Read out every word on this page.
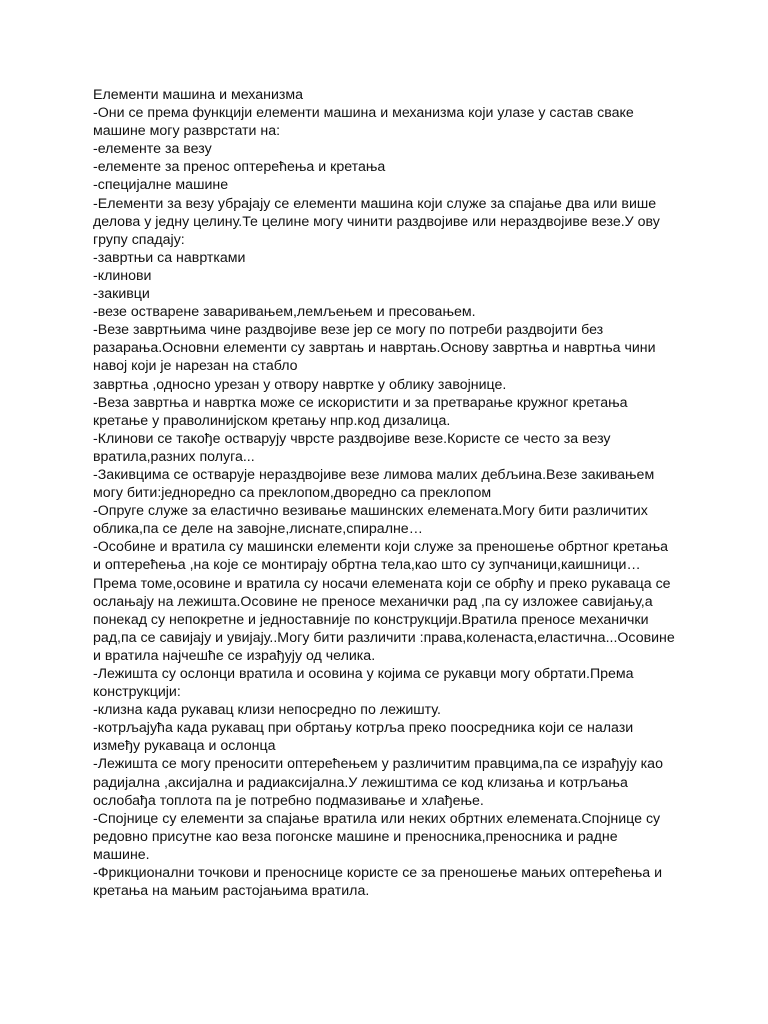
Елементи машина и механизма
-Они се према функцији елементи машина и механизма који улазе у састав сваке
машине могу разврстати на:
-елементе за везу
-елементе за пренос оптерећења и кретања
-специјалне машине
-Елементи за везу убрајају се елементи машина који служе за спајање два или више
делова у једну целину.Те целине могу чинити раздвојиве или нераздвојиве везе.У ову
групу спадају:
-завртњи са навртками
-клинови
-закивци
-везе остварене заваривањем,лемљењем и пресовањем.
-Везе завртњима чине раздвојиве везе јер се могу по потреби раздвојити без
разарања.Основни елементи су завртањ и навртањ.Основу завртња и навртња чини
навој који је нарезан на стабло
завртња ,односно урезан у отвору навртке у облику завојнице.
-Веза завртња и навртка може се искористити и за претварање кружног кретања
кретање у праволинијском кретању нпр.код дизалица.
-Клинови се такође остварују чврсте раздвојиве везе.Користе се често за везу
вратила,разних полуга...
-Закивцима се остварује нераздвојиве везе лимова малих дебљина.Везе закивањем
могу бити:једноредно са преклопом,дворедно са преклопом
-Опруге служе за еластично везивање машинских елемената.Могу бити различитих
облика,па се деле на завојне,лиснате,спиралне…
-Особине и вратила су машински елементи који служе за преношење обртног кретања
и оптерећења ,на које се монтирају обртна тела,као што су зупчаници,каишници…
Према томе,осовине и вратила су носачи елемената који се обрћу и преко рукаваца се
ослањају на лежишта.Осовине не преносе механички рад ,па су изложее савијању,а
понекад су непокретне и једноставније по конструкцији.Вратила преносе механички
рад,па се савијају и увијају..Могу бити различити :права,коленаста,еластична...Осовине
и вратила најчешће се израђују од челика.
-Лежишта су ослонци вратила и осовина у којима се рукавци могу обртати.Према
конструкцији:
-клизна када рукавац клизи непосредно по лежишту.
-котрљајућа када рукавац при обртању котрља преко поосредника који се налази
између рукаваца и ослонца
-Лежишта се могу преносити оптерећењем у различитим правцима,па се израђују као
радијална ,аксијална и радиаксијална.У лежиштима се код клизања и котрљања
ослобађа топлота па је потребно подмазивање и хлађење.
-Спојнице су елементи за спајање вратила или неких обртних елемената.Спојнице су
редовно присутне као веза погонске машине и преносника,преносника и радне
машине.
-Фрикционални точкови и преноснице користе се за преношење мањих оптерећења и
кретања на мањим растојањима вратила.
